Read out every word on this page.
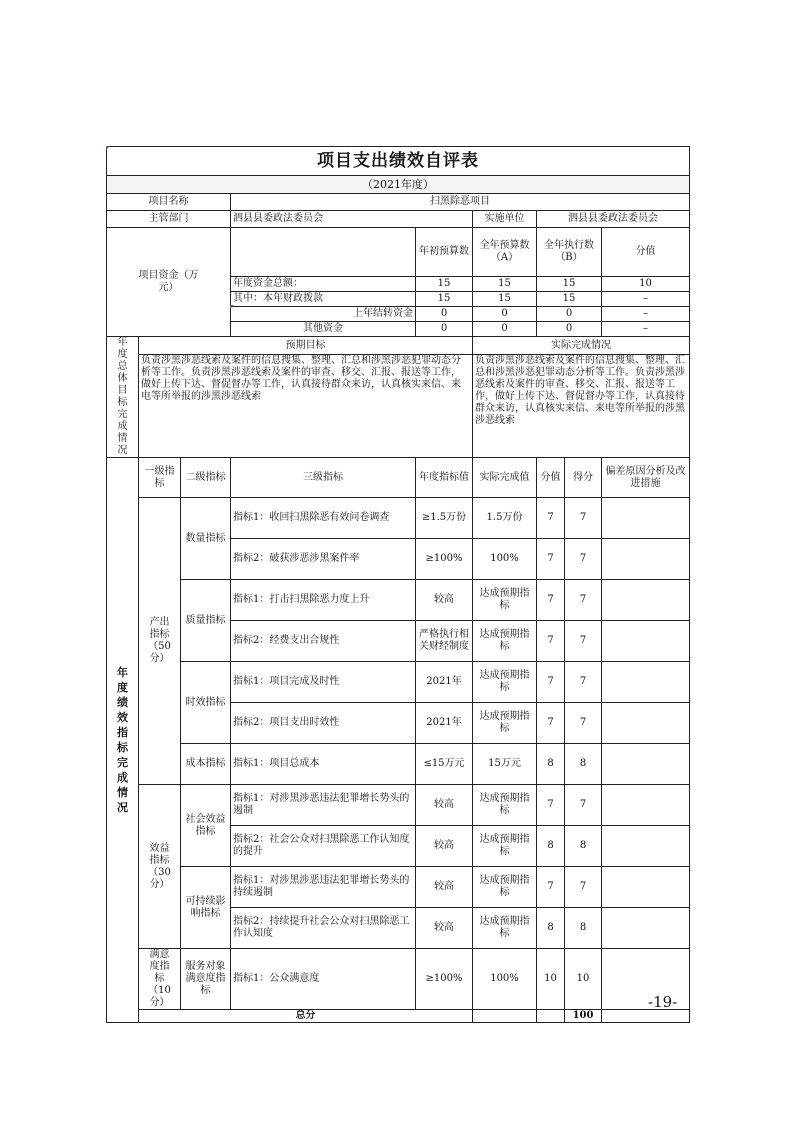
项目支出绩效自评表									
（2021年度）									
项目名称			扫黑除恶项目						
主管部门			泗县县委政法委员会		实施单位	泗县县委政法委员会			
项目资金（万元）				年初预算数	全年预算数（A）	全年执行数（B）		分值	
			年度资金总额：	15	15	15		10	
			其中：本年财政拨款	15	15	15		–	
			上年结转资金	0	0	0		–	
			其他资金	0	0	0		–	
年度总体目标完成情况	预期目标				实际完成情况				
	负责涉黑涉恶线索及案件的信息搜集、整理、汇总和涉黑涉恶犯罪动态分析等工作。负责涉黑涉恶线索及案件的审查、移交、汇报、报送等工作，做好上传下达、督促督办等工作，认真接待群众来访，认真核实来信、来电等所举报的涉黑涉恶线索				负责涉黑涉恶线索及案件的信息搜集、整理、汇总和涉黑涉恶犯罪动态分析等工作。负责涉黑涉恶线索及案件的审查、移交、汇报、报送等工作，做好上传下达、督促督办等工作，认真接待群众来访，认真核实来信、来电等所举报的涉黑涉恶线索				
年度绩效指标完成情况	一级指标	二级指标	三级指标	年度指标值	实际完成值	分值	得分	偏差原因分析及改进措施	
	产出指标（50分）	数量指标	指标1：收回扫黑除恶有效问卷调查	≥1.5万份	1.5万份	7	7		
			指标2：破获涉恶涉黑案件率	≥100%	100%	7	7		
		质量指标	指标1：打击扫黑除恶力度上升	较高	达成预期指标	7	7		
			指标2：经费支出合规性	严格执行相关财经制度	达成预期指标	7	7		
		时效指标	指标1：项目完成及时性	2021年	达成预期指标	7	7		
			指标2：项目支出时效性	2021年	达成预期指标	7	7		
		成本指标	指标1：项目总成本	≤15万元	15万元	8	8		
	效益指标（30分）	社会效益指标	指标1：对涉黑涉恶违法犯罪增长势头的遏制	较高	达成预期指标	7	7		
			指标2：社会公众对扫黑除恶工作认知度的提升	较高	达成预期指标	8	8		
		可持续影响指标	指标1：对涉黑涉恶违法犯罪增长势头的持续遏制	较高	达成预期指标	7	7		
			指标2：持续提升社会公众对扫黑除恶工作认知度	较高	达成预期指标	8	8		
	满意度指标（10分）	服务对象满意度指标	指标1：公众满意度	≥100%	100%	10	10		
	总分						100		
-19-
